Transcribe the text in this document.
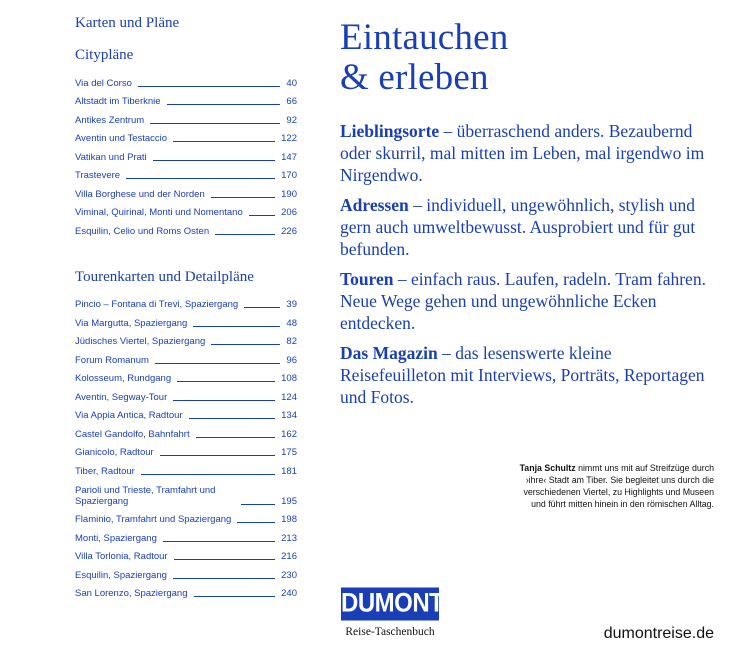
Karten und Pläne
Citypläne
Via del Corso	40
Altstadt im Tiberknie	66
Antikes Zentrum	92
Aventin und Testaccio	122
Vatikan und Prati	147
Trastevere	170
Villa Borghese und der Norden	190
Viminal, Quirinal, Monti und Nomentano	206
Esquilin, Celio und Roms Osten	226
Tourenkarten und Detailpläne
Pincio – Fontana di Trevi, Spaziergang	39
Via Margutta, Spaziergang	48
Jüdisches Viertel, Spaziergang	82
Forum Romanum	96
Kolosseum, Rundgang	108
Aventin, Segway-Tour	124
Via Appia Antica, Radtour	134
Castel Gandolfo, Bahnfahrt	162
Gianicolo, Radtour	175
Tiber, Radtour	181
Parioli und Trieste, Tramfahrt und Spaziergang	195
Flaminio, Tramfahrt und Spaziergang	198
Monti, Spaziergang	213
Villa Torlonia, Radtour	216
Esquilin, Spaziergang	230
San Lorenzo, Spaziergang	240
Eintauchen
& erleben
Lieblingsorte – überraschend anders. Bezaubernd oder skurril, mal mitten im Leben, mal irgendwo im Nirgendwo.
Adressen – individuell, ungewöhnlich, stylish und gern auch umweltbewusst. Ausprobiert und für gut befunden.
Touren – einfach raus. Laufen, radeln. Tram fahren. Neue Wege gehen und ungewöhnliche Ecken entdecken.
Das Magazin – das lesenswerte kleine Reisefeuilleton mit Interviews, Porträts, Reportagen und Fotos.
Tanja Schultz nimmt uns mit auf Streifzüge durch ›ihre‹ Stadt am Tiber. Sie begleitet uns durch die verschiedenen Viertel, zu Highlights und Museen und führt mitten hinein in den römischen Alltag.
DUMONT
Reise-Taschenbuch	dumontreise.de
